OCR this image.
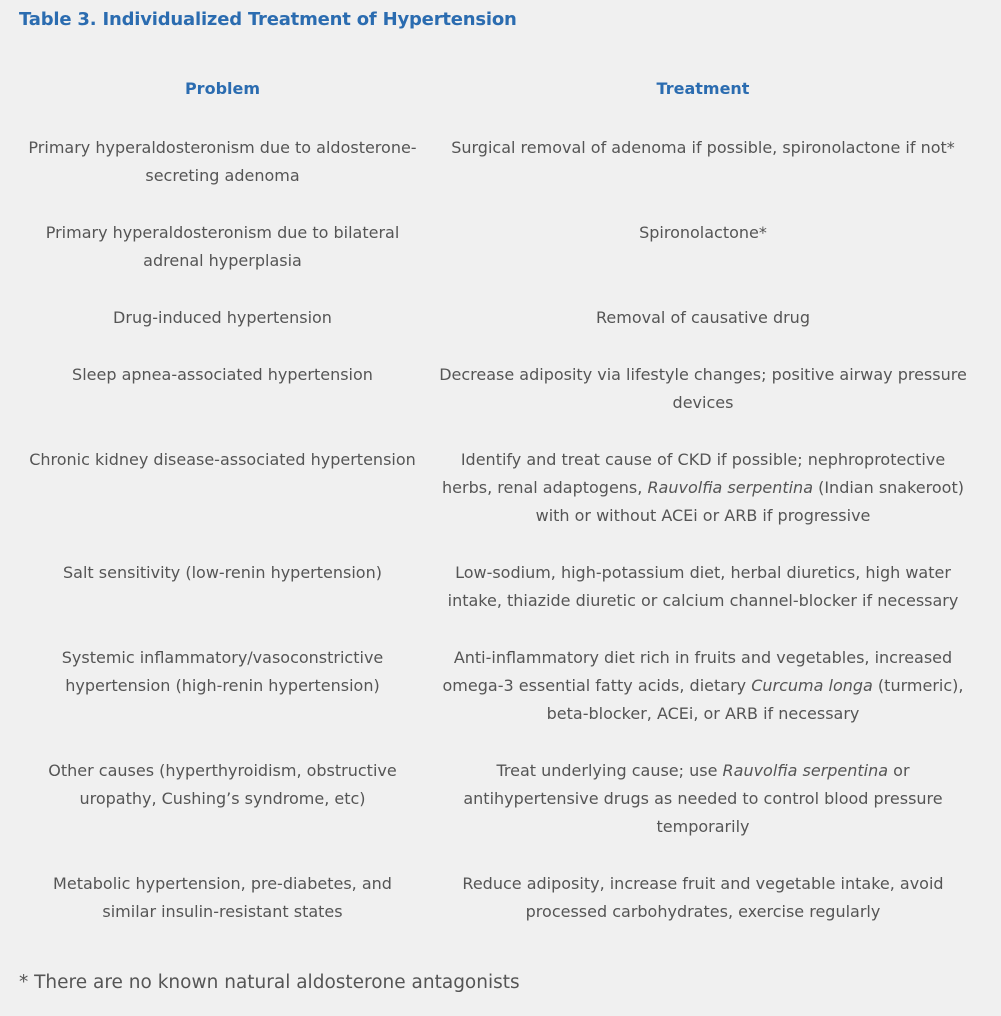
Table 3. Individualized Treatment of Hypertension
Problem	Treatment
Primary hyperaldosteronism due to aldosterone-secreting adenoma	Surgical removal of adenoma if possible, spironolactone if not*
Primary hyperaldosteronism due to bilateral adrenal hyperplasia	Spironolactone*
Drug-induced hypertension	Removal of causative drug
Sleep apnea-associated hypertension	Decrease adiposity via lifestyle changes; positive airway pressure devices
Chronic kidney disease-associated hypertension	Identify and treat cause of CKD if possible; nephroprotective herbs, renal adaptogens, Rauvolfia serpentina (Indian snakeroot) with or without ACEi or ARB if progressive
Salt sensitivity (low-renin hypertension)	Low-sodium, high-potassium diet, herbal diuretics, high water intake, thiazide diuretic or calcium channel-blocker if necessary
Systemic inflammatory/vasoconstrictive hypertension (high-renin hypertension)	Anti-inflammatory diet rich in fruits and vegetables, increased omega-3 essential fatty acids, dietary Curcuma longa (turmeric), beta-blocker, ACEi, or ARB if necessary
Other causes (hyperthyroidism, obstructive uropathy, Cushing’s syndrome, etc)	Treat underlying cause; use Rauvolfia serpentina or antihypertensive drugs as needed to control blood pressure temporarily
Metabolic hypertension, pre-diabetes, and similar insulin-resistant states	Reduce adiposity, increase fruit and vegetable intake, avoid processed carbohydrates, exercise regularly
* There are no known natural aldosterone antagonists
